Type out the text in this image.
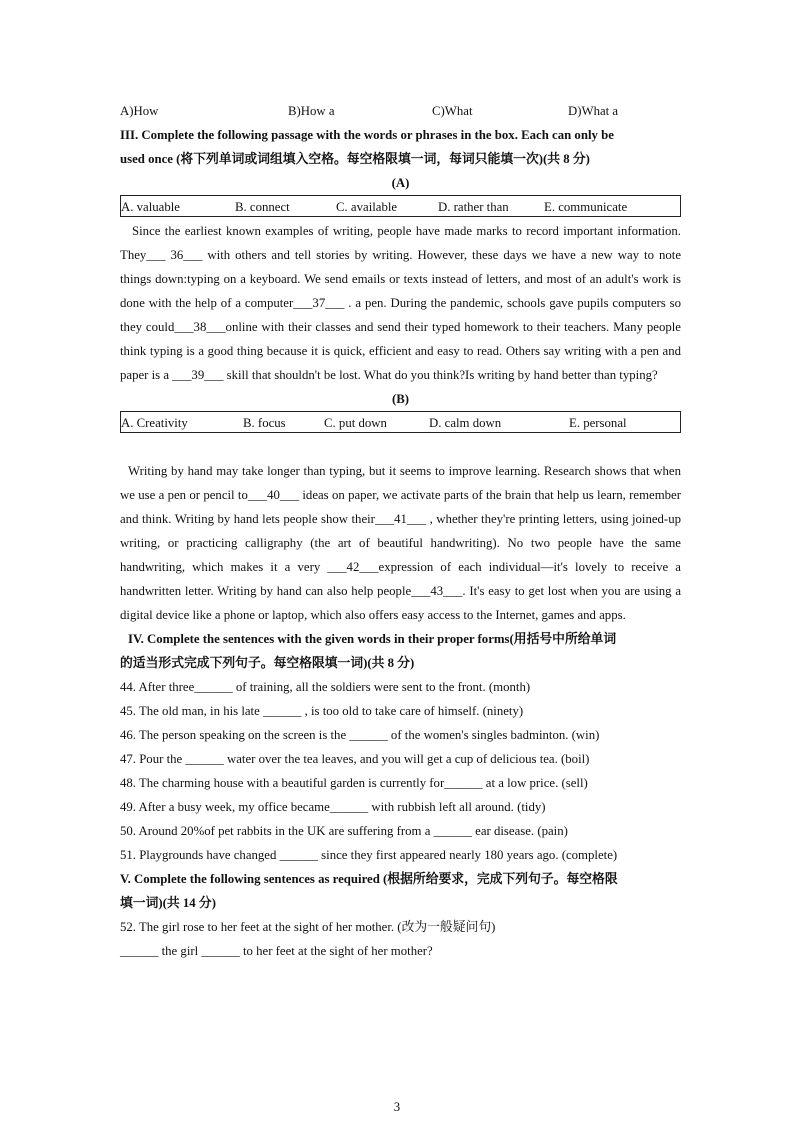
A)How	B)How a	C)What	D)What a
III. Complete the following passage with the words or phrases in the box. Each can only be
used once (将下列单词或词组填入空格。每空格限填一词，每词只能填一次)(共 8 分)
(A)
A. valuable	B. connect	C. available	D. rather than	E. communicate
Since the earliest known examples of writing, people have made marks to record important information. They___ 36___ with others and tell stories by writing. However, these days we have a new way to note things down:typing on a keyboard. We send emails or texts instead of letters, and most of an adult's work is done with the help of a computer___37___ . a pen. During the pandemic, schools gave pupils computers so they could___38___online with their classes and send their typed homework to their teachers. Many people think typing is a good thing because it is quick, efficient and easy to read. Others say writing with a pen and paper is a ___39___ skill that shouldn't be lost. What do you think?Is writing by hand better than typing?
(B)
A. Creativity	B. focus	C. put down	D. calm down	E. personal
Writing by hand may take longer than typing, but it seems to improve learning. Research shows that when we use a pen or pencil to___40___ ideas on paper, we activate parts of the brain that help us learn, remember and think. Writing by hand lets people show their___41___ , whether they're printing letters, using joined-up writing, or practicing calligraphy (the art of beautiful handwriting). No two people have the same handwriting, which makes it a very ___42___expression of each individual—it's lovely to receive a handwritten letter. Writing by hand can also help people___43___. It's easy to get lost when you are using a digital device like a phone or laptop, which also offers easy access to the Internet, games and apps.
IV. Complete the sentences with the given words in their proper forms(用括号中所给单词
的适当形式完成下列句子。每空格限填一词)(共 8 分)
44. After three______ of training, all the soldiers were sent to the front. (month)
45. The old man, in his late ______ , is too old to take care of himself. (ninety)
46. The person speaking on the screen is the ______ of the women's singles badminton. (win)
47. Pour the ______ water over the tea leaves, and you will get a cup of delicious tea. (boil)
48. The charming house with a beautiful garden is currently for______ at a low price. (sell)
49. After a busy week, my office became______ with rubbish left all around. (tidy)
50. Around 20%of pet rabbits in the UK are suffering from a ______ ear disease. (pain)
51. Playgrounds have changed ______ since they first appeared nearly 180 years ago. (complete)
V. Complete the following sentences as required (根据所给要求，完成下列句子。每空格限
填一词)(共 14 分)
52. The girl rose to her feet at the sight of her mother. (改为一般疑问句)
______ the girl ______ to her feet at the sight of her mother?
3
